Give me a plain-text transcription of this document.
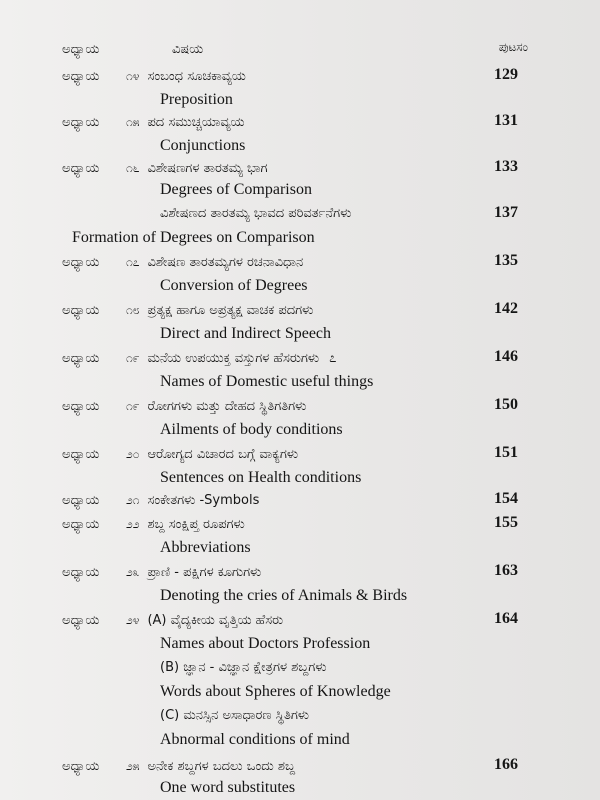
ಅಧ್ಯಾಯ	ವಿಷಯ	ಪುಟಸಂ
ಅಧ್ಯಾಯ	೧೪ ಸಂಬಂಧ ಸೂಚಕಾವ್ಯಯ	129
Preposition
ಅಧ್ಯಾಯ	೧೫ ಪದ ಸಮುಚ್ಚಯಾವ್ಯಯ	131
Conjunctions
ಅಧ್ಯಾಯ	೧೬ ವಿಶೇಷಣಗಳ ತಾರತಮ್ಯ ಭಾಗ	133
Degrees of Comparison
ವಿಶೇಷಣದ ತಾರತಮ್ಯ ಭಾವದ ಪರಿವರ್ತನೆಗಳು	137
Formation of Degrees on Comparison
ಅಧ್ಯಾಯ	೧೭ ವಿಶೇಷಣ ತಾರತಮ್ಯಗಳ ರಚನಾವಿಧಾನ	135
Conversion of Degrees
ಅಧ್ಯಾಯ	೧೮ ಪ್ರತ್ಯಕ್ಷ ಹಾಗೂ ಅಪ್ರತ್ಯಕ್ಷ ವಾಚಕ ಪದಗಳು	142
Direct and Indirect Speech
ಅಧ್ಯಾಯ	೧೯ ಮನೆಯ ಉಪಯುಕ್ತ ವಸ್ತುಗಳ ಹೆಸರುಗಳು ೭	146
Names of Domestic useful things
ಅಧ್ಯಾಯ	೧೯ ರೋಗಗಳು ಮತ್ತು ದೇಹದ ಸ್ಥಿತಿಗತಿಗಳು	150
Ailments of body conditions
ಅಧ್ಯಾಯ	೨೦ ಆರೋಗ್ಯದ ವಿಚಾರದ ಬಗ್ಗೆ ವಾಕ್ಯಗಳು	151
Sentences on Health conditions
ಅಧ್ಯಾಯ	೨೧ ಸಂಕೇತಗಳು -Symbols	154
ಅಧ್ಯಾಯ	೨೨ ಶಬ್ದ ಸಂಕ್ಷಿಪ್ತ ರೂಪಗಳು	155
Abbreviations
ಅಧ್ಯಾಯ	೨೩ ಪ್ರಾಣಿ - ಪಕ್ಷಿಗಳ ಕೂಗುಗಳು	163
Denoting the cries of Animals & Birds
ಅಧ್ಯಾಯ	೨೪ (A) ವೈದ್ಯಕೀಯ ವೃತ್ತಿಯ ಹೆಸರು	164
Names about Doctors Profession
(B) ಜ್ಞಾನ - ವಿಜ್ಞಾನ ಕ್ಷೇತ್ರಗಳ ಶಬ್ದಗಳು
Words about Spheres of Knowledge
(C) ಮನಸ್ಸಿನ ಅಸಾಧಾರಣ ಸ್ಥಿತಿಗಳು
Abnormal conditions of mind
ಅಧ್ಯಾಯ	೨೫ ಅನೇಕ ಶಬ್ದಗಳ ಬದಲು ಒಂದು ಶಬ್ದ	166
One word substitutes
